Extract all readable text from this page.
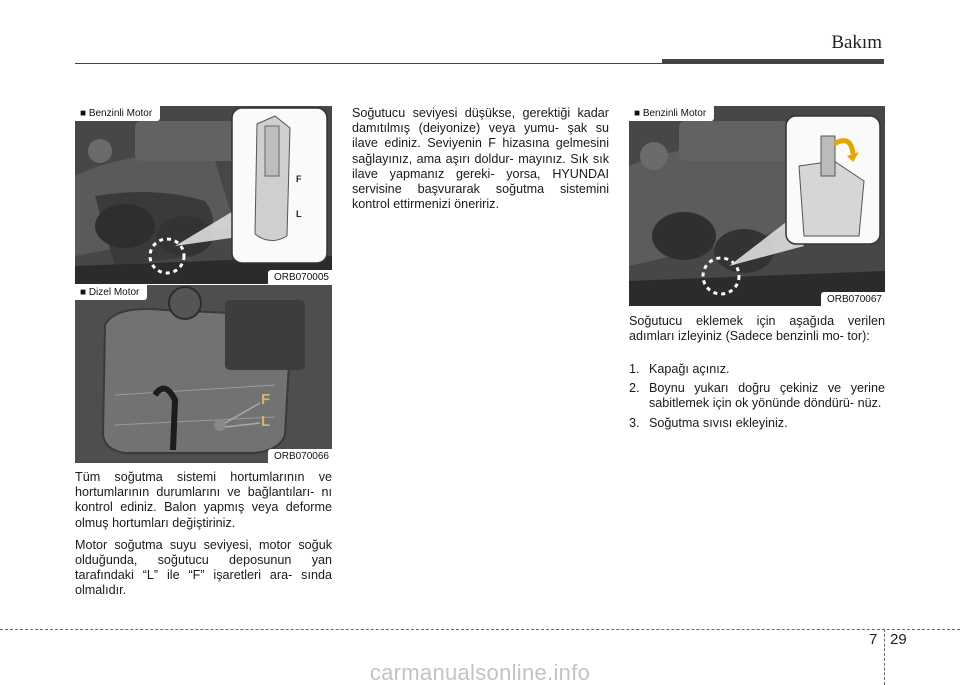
Bakım
F
L
■ Benzinli Motor
ORB070005
F
L
■ Dizel Motor
ORB070066
■ Benzinli Motor
ORB070067

Tüm soğutma sistemi hortumlarının ve hortumlarının durumlarını ve bağlantıları- nı kontrol ediniz. Balon yapmış veya deforme olmuş hortumları değiştiriniz.

Motor soğutma suyu seviyesi, motor soğuk olduğunda, soğutucu deposunun yan tarafındaki “L” ile “F” işaretleri ara- sında olmalıdır.

Soğutucu seviyesi düşükse, gerektiği kadar damıtılmış (deiyonize) veya yumu- şak su ilave ediniz. Seviyenin F hizasına gelmesini sağlayınız, ama aşırı doldur- mayınız. Sık sık ilave yapmanız gereki- yorsa, HYUNDAI servisine başvurarak soğutma sistemini kontrol ettirmenizi öneririz.

Soğutucu eklemek için aşağıda verilen adımları izleyiniz (Sadece benzinli mo- tor):
1. Kapağı açınız.
2. Boynu yukarı doğru çekiniz ve yerine sabitlemek için ok yönünde döndürü- nüz.
3. Soğutma sıvısı ekleyiniz.
7 29
carmanualsonline.info
